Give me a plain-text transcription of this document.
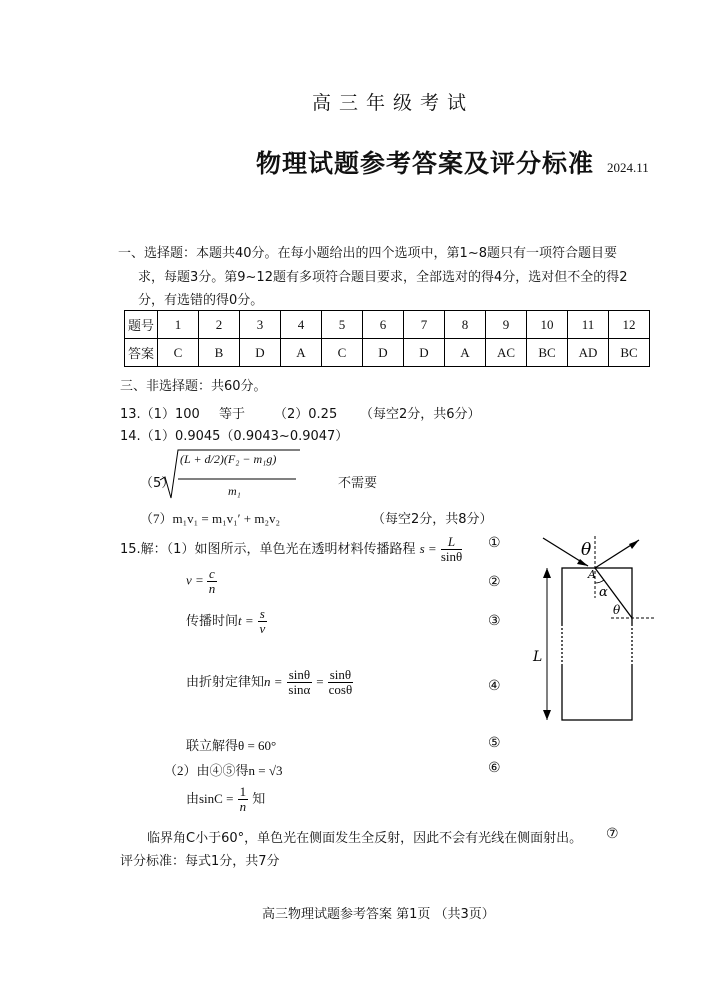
高三年级考试
物理试题参考答案及评分标准 2024.11
一、选择题：本题共40分。在每小题给出的四个选项中，第1~8题只有一项符合题目要
求，每题3分。第9~12题有多项符合题目要求，全部选对的得4分，选对但不全的得2
分，有选错的得0分。
题号	1	2	3	4	5	6	7	8	9	10	11	12
答案	C	B	D	A	C	D	D	A	AC	BC	AD	BC
三、非选择题：共60分。
13.（1）100 等于 （2）0.25 （每空2分，共6分）
14.（1）0.9045（0.9043~0.9047）
（5）
(L + d/2)(F₂ − m₁g)
m₁	不需要
（7）m₁v₁ = m₁v₁′ + m₂v₂	（每空2分，共8分）
15.解：（1）如图所示，单色光在透明材料传播路程 $s = \frac{L}{\sin\theta}$ ①
$v = \frac{c}{n}$	②
传播时间$t = \frac{s}{v}$	③
由折射定律知$n = \frac{\sin\theta}{\sin\alpha} = \frac{\sin\theta}{\cos\theta}$	④
联立解得θ = 60°	⑤
（2）由④⑤得n = √3	⑥
由$\sin C = \frac{1}{n}$ 知
临界角C小于60°，单色光在侧面发生全反射，因此不会有光线在侧面射出。 ⑦
评分标准：每式1分，共7分
θ
A
α
θ
L
高三物理试题参考答案 第1页 （共3页）
